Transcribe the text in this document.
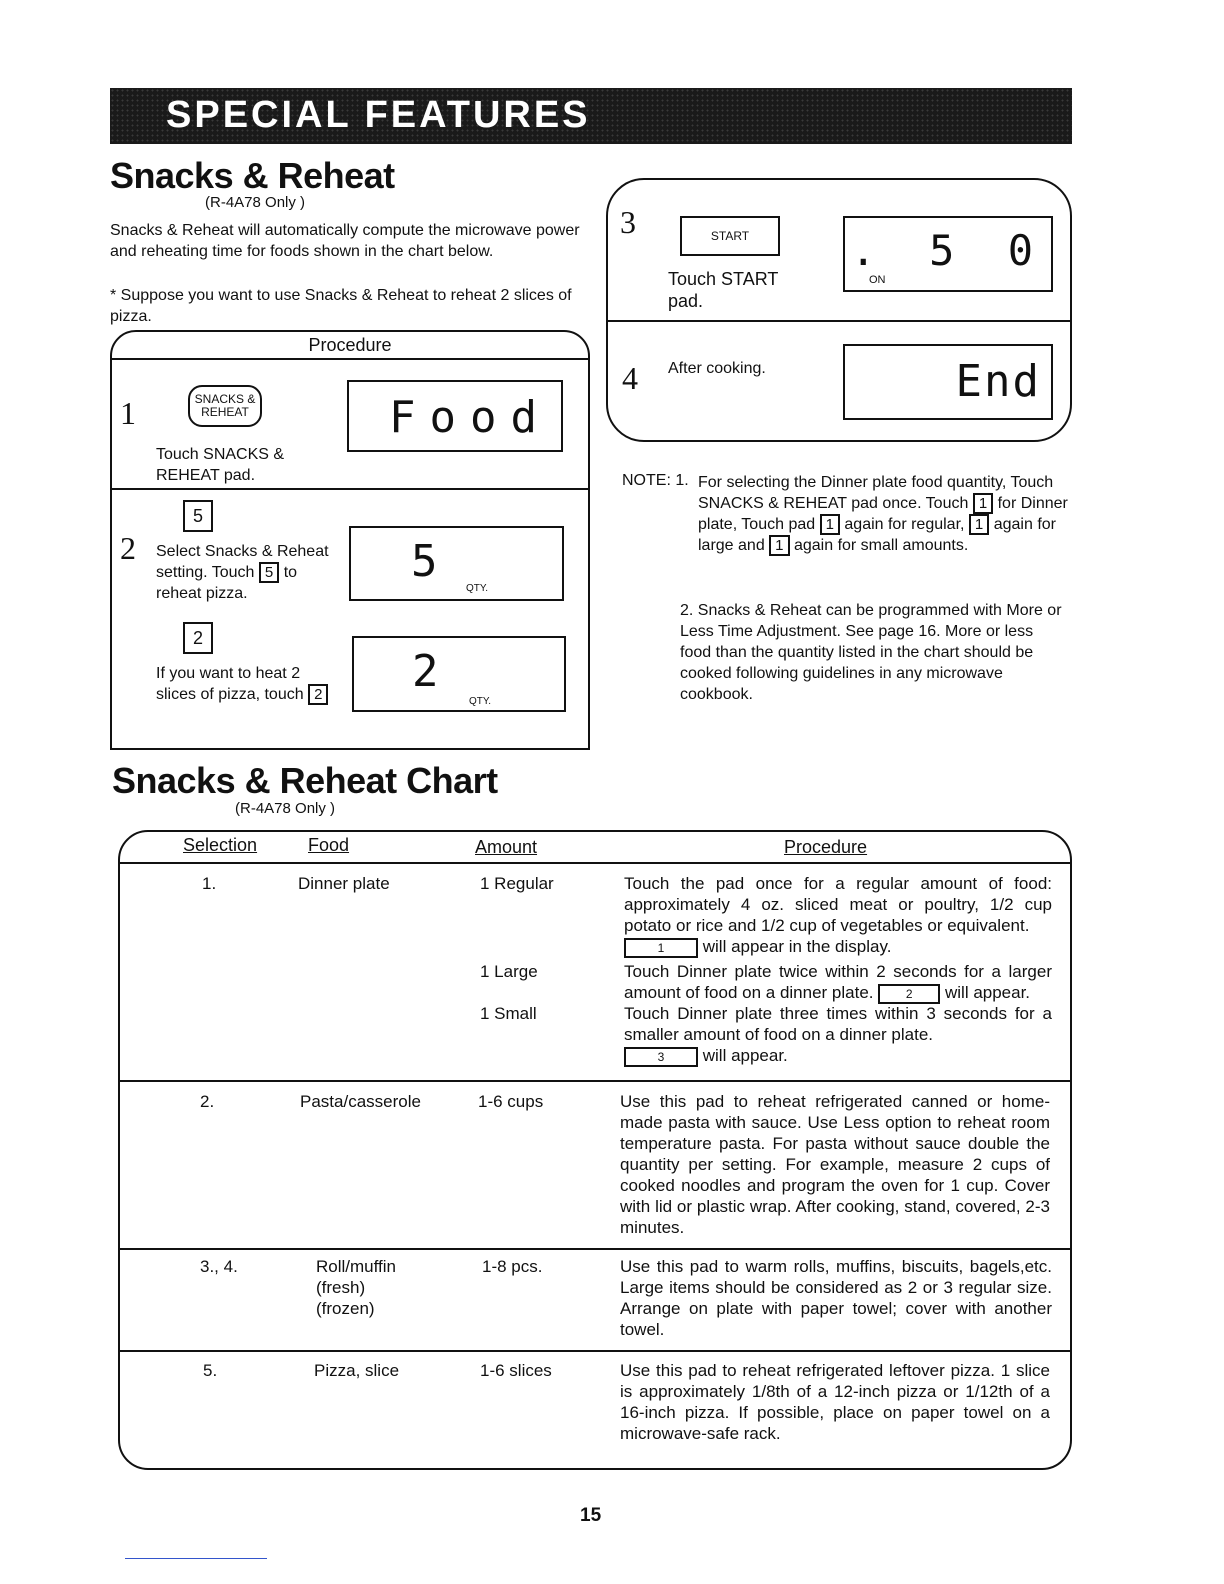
SPECIAL FEATURES
Snacks & Reheat
(R-4A78 Only )
Snacks & Reheat will automatically compute the microwave power and reheating time for foods shown in the chart below.
* Suppose you want to use Snacks & Reheat to reheat 2 slices of pizza.
Procedure
1	SNACKS & REHEAT
Touch SNACKS & REHEAT pad.
Food
5
2 Select Snacks & Reheat setting. Touch 5 to reheat pizza.
5
QTY.
2
If you want to heat 2 slices of pizza, touch 2 2
QTY.
3	START
Touch START pad.
. 5 0
ON
4 After cooking.	End
NOTE: 1. For selecting the Dinner plate food quantity, Touch SNACKS & REHEAT pad once. Touch 1 for Dinner plate, Touch pad 1 again for regular, 1 again for large and 1 again for small amounts.
2. Snacks & Reheat can be programmed with More or Less Time Adjustment. See page 16. More or less food than the quantity listed in the chart should be cooked following guidelines in any microwave cookbook.
Snacks & Reheat Chart
(R-4A78 Only )
Selection	Food	Amount	Procedure
1.	Dinner plate	1 Regular	Touch the pad once for a regular amount of food: approximately 4 oz. sliced meat or poultry, 1/2 cup potato or rice and 1/2 cup of vegetables or equivalent.
1 will appear in the display.
1 Large	Touch Dinner plate twice within 2 seconds for a larger amount of food on a dinner plate.	2 will appear.
1 Small	Touch Dinner plate three times within 3 seconds for a smaller amount of food on a dinner plate.
3 will appear.
2.	Pasta/casserole	1-6 cups	Use this pad to reheat refrigerated canned or home-made pasta with sauce. Use Less option to reheat room temperature pasta. For pasta without sauce double the quantity per setting. For example, measure 2 cups of cooked noodles and program the oven for 1 cup. Cover with lid or plastic wrap. After cooking, stand, covered, 2-3 minutes.
3., 4.	Roll/muffin
(fresh)
(frozen)
1-8 pcs.	Use this pad to warm rolls, muffins, biscuits, bagels,etc. Large items should be considered as 2 or 3 regular size. Arrange on plate with paper towel; cover with another towel.
5.	Pizza, slice	1-6 slices	Use this pad to reheat refrigerated leftover pizza. 1 slice is approximately 1/8th of a 12-inch pizza or 1/12th of a 16-inch pizza. If possible, place on paper towel on a microwave-safe rack.
15
